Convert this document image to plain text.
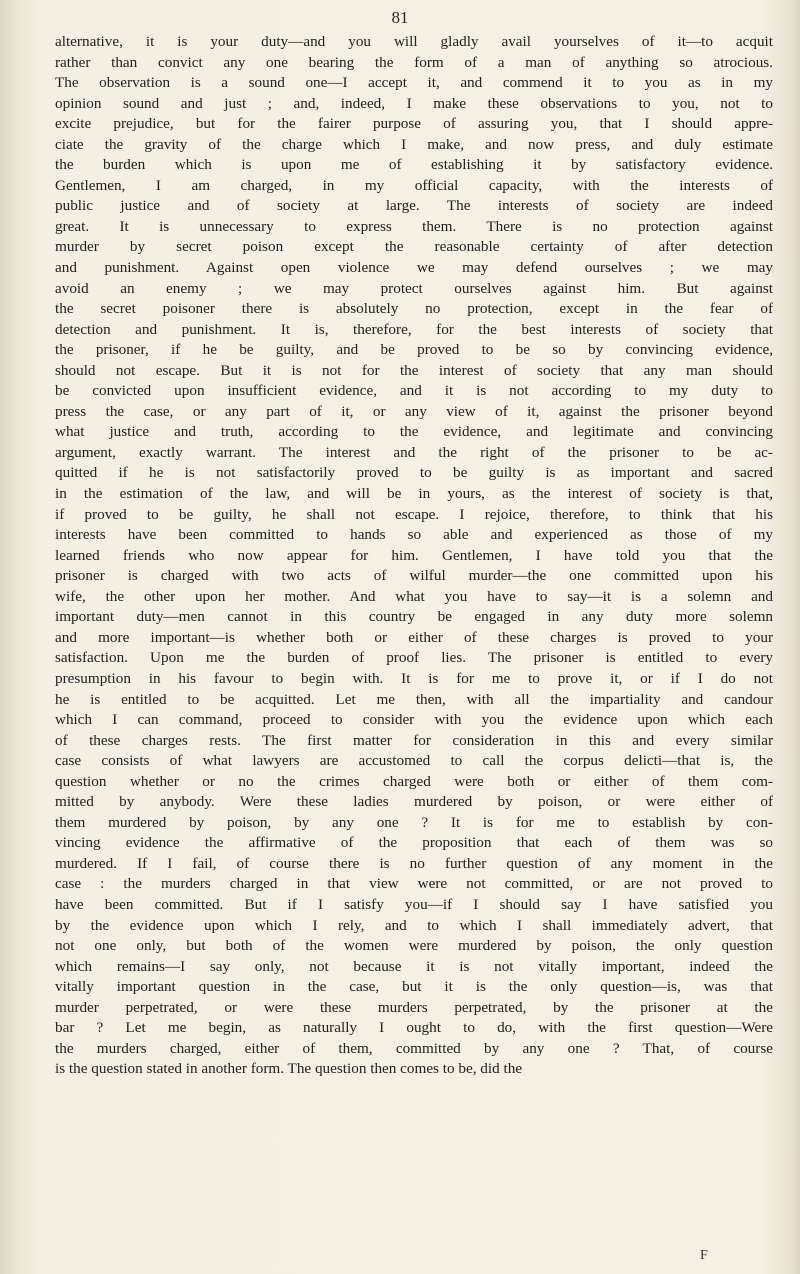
81
alternative, it is your duty—and you will gladly avail yourselves of it—to acquit
rather than convict any one bearing the form of a man of anything so atrocious.
The observation is a sound one—I accept it, and commend it to you as in my
opinion sound and just ; and, indeed, I make these observations to you, not to
excite prejudice, but for the fairer purpose of assuring you, that I should appre-
ciate the gravity of the charge which I make, and now press, and duly estimate
the burden which is upon me of establishing it by satisfactory evidence.
Gentlemen, I am charged, in my official capacity, with the interests of
public justice and of society at large. The interests of society are indeed
great. It is unnecessary to express them. There is no protection against
murder by secret poison except the reasonable certainty of after detection
and punishment. Against open violence we may defend ourselves ; we may
avoid an enemy ; we may protect ourselves against him. But against
the secret poisoner there is absolutely no protection, except in the fear of
detection and punishment. It is, therefore, for the best interests of society that
the prisoner, if he be guilty, and be proved to be so by convincing evidence,
should not escape. But it is not for the interest of society that any man should
be convicted upon insufficient evidence, and it is not according to my duty to
press the case, or any part of it, or any view of it, against the prisoner beyond
what justice and truth, according to the evidence, and legitimate and convincing
argument, exactly warrant. The interest and the right of the prisoner to be ac-
quitted if he is not satisfactorily proved to be guilty is as important and sacred
in the estimation of the law, and will be in yours, as the interest of society is that,
if proved to be guilty, he shall not escape. I rejoice, therefore, to think that his
interests have been committed to hands so able and experienced as those of my
learned friends who now appear for him. Gentlemen, I have told you that the
prisoner is charged with two acts of wilful murder—the one committed upon his
wife, the other upon her mother. And what you have to say—it is a solemn and
important duty—men cannot in this country be engaged in any duty more solemn
and more important—is whether both or either of these charges is proved to your
satisfaction. Upon me the burden of proof lies. The prisoner is entitled to every
presumption in his favour to begin with. It is for me to prove it, or if I do not
he is entitled to be acquitted. Let me then, with all the impartiality and candour
which I can command, proceed to consider with you the evidence upon which each
of these charges rests. The first matter for consideration in this and every similar
case consists of what lawyers are accustomed to call the corpus delicti—that is, the
question whether or no the crimes charged were both or either of them com-
mitted by anybody. Were these ladies murdered by poison, or were either of
them murdered by poison, by any one ? It is for me to establish by con-
vincing evidence the affirmative of the proposition that each of them was so
murdered. If I fail, of course there is no further question of any moment in the
case : the murders charged in that view were not committed, or are not proved to
have been committed. But if I satisfy you—if I should say I have satisfied you
by the evidence upon which I rely, and to which I shall immediately advert, that
not one only, but both of the women were murdered by poison, the only question
which remains—I say only, not because it is not vitally important, indeed the
vitally important question in the case, but it is the only question—is, was that
murder perpetrated, or were these murders perpetrated, by the prisoner at the
bar ? Let me begin, as naturally I ought to do, with the first question—Were
the murders charged, either of them, committed by any one ? That, of course
is the question stated in another form. The question then comes to be, did the
F
